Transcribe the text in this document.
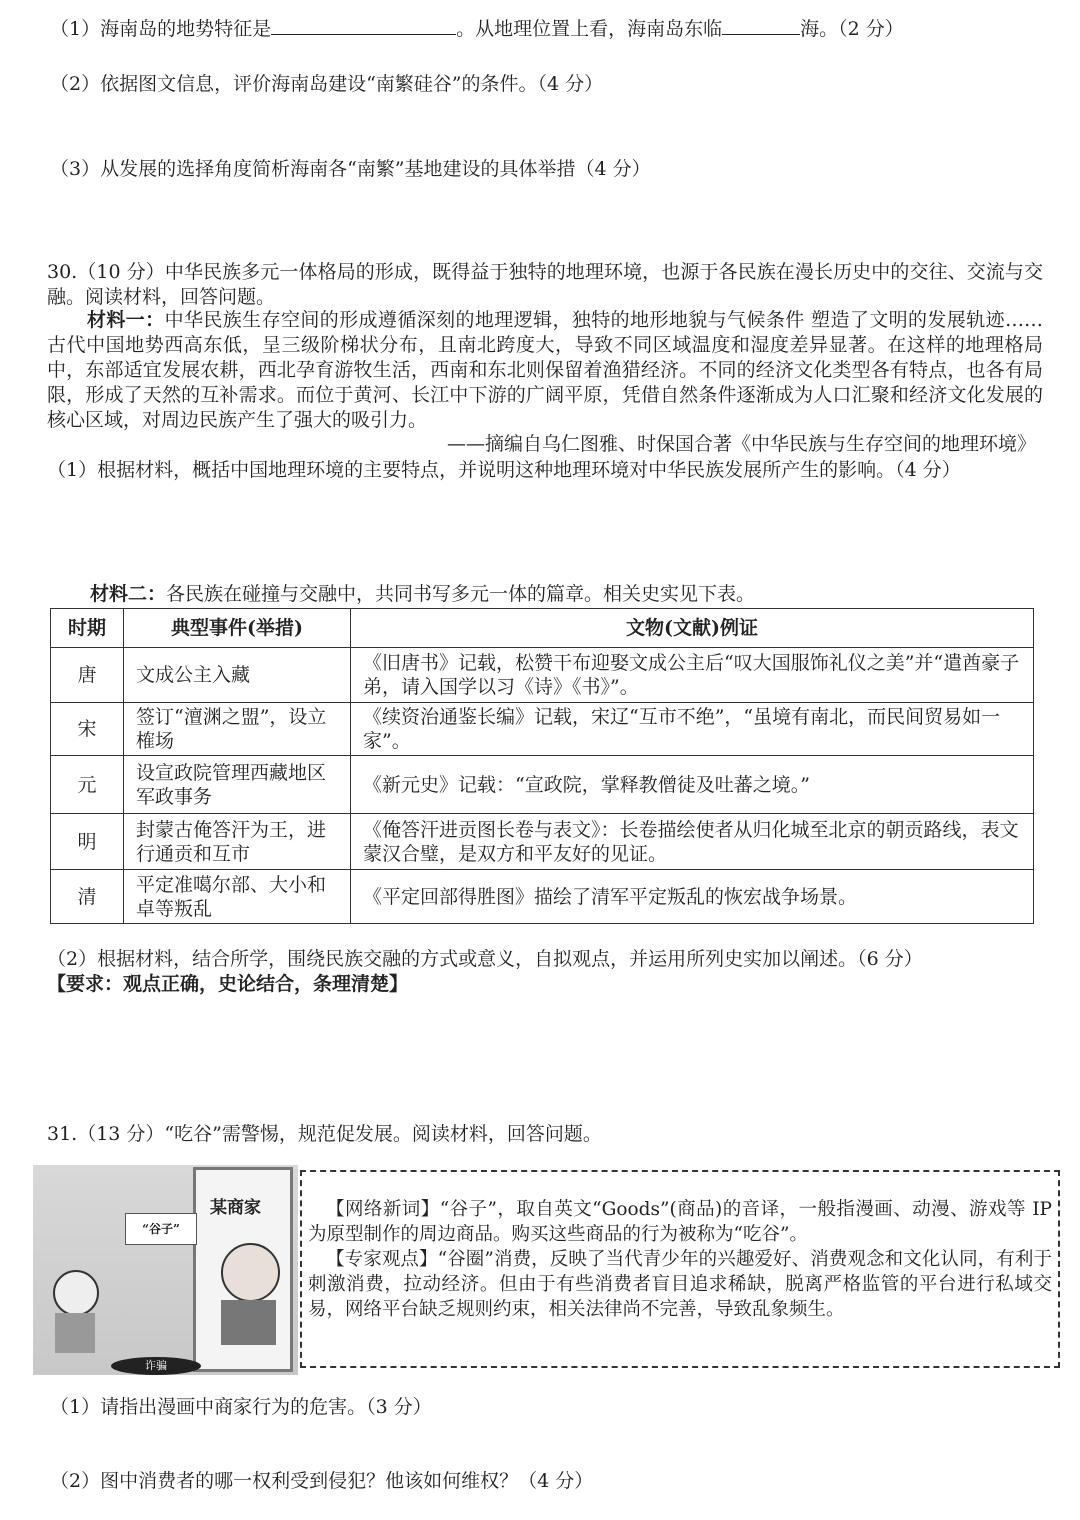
（1）海南岛的地势特征是	。从地理位置上看，海南岛东临	海。（2 分）
（2）依据图文信息，评价海南岛建设“南繁硅谷”的条件。（4 分）
（3）从发展的选择角度简析海南各“南繁”基地建设的具体举措（4 分）
30.（10 分）中华民族多元一体格局的形成，既得益于独特的地理环境，也源于各民族在漫长历史中的交往、交流与交融。阅读材料，回答问题。
材料一：中华民族生存空间的形成遵循深刻的地理逻辑，独特的地形地貌与气候条件 塑造了文明的发展轨迹……古代中国地势西高东低，呈三级阶梯状分布，且南北跨度大，导致不同区域温度和湿度差异显著。在这样的地理格局中，东部适宜发展农耕，西北孕育游牧生活，西南和东北则保留着渔猎经济。不同的经济文化类型各有特点，也各有局限，形成了天然的互补需求。而位于黄河、长江中下游的广阔平原，凭借自然条件逐渐成为人口汇聚和经济文化发展的核心区域，对周边民族产生了强大的吸引力。
——摘编自乌仁图雅、时保国合著《中华民族与生存空间的地理环境》
（1）根据材料，概括中国地理环境的主要特点，并说明这种地理环境对中华民族发展所产生的影响。（4 分）
材料二：各民族在碰撞与交融中，共同书写多元一体的篇章。相关史实见下表。
时期	典型事件(举措)	文物(文献)例证
唐	文成公主入藏	《旧唐书》记载，松赞干布迎娶文成公主后“叹大国服饰礼仪之美”并“遣酋豪子弟，请入国学以习《诗》《书》”。
宋	签订“澶渊之盟”，设立榷场	《续资治通鉴长编》记载，宋辽“互市不绝”，“虽境有南北，而民间贸易如一家”。
元	设宣政院管理西藏地区军政事务	《新元史》记载：“宣政院，掌释教僧徒及吐蕃之境。”
明	封蒙古俺答汗为王，进行通贡和互市	《俺答汗进贡图长卷与表文》：长卷描绘使者从归化城至北京的朝贡路线，表文蒙汉合璧，是双方和平友好的见证。
清	平定准噶尔部、大小和卓等叛乱	《平定回部得胜图》描绘了清军平定叛乱的恢宏战争场景。
（2）根据材料，结合所学，围绕民族交融的方式或意义，自拟观点，并运用所列史实加以阐述。（6 分）
【要求：观点正确，史论结合，条理清楚】
31.（13 分）“吃谷”需警惕，规范促发展。阅读材料，回答问题。
某商家
“谷子”
诈骗
【网络新词】“谷子”，取自英文“Goods”(商品)的音译，一般指漫画、动漫、游戏等 IP 为原型制作的周边商品。购买这些商品的行为被称为“吃谷”。
【专家观点】“谷圈”消费，反映了当代青少年的兴趣爱好、消费观念和文化认同，有利于刺激消费，拉动经济。但由于有些消费者盲目追求稀缺，脱离严格监管的平台进行私域交易，网络平台缺乏规则约束，相关法律尚不完善，导致乱象频生。
（1）请指出漫画中商家行为的危害。（3 分）
（2）图中消费者的哪一权利受到侵犯？他该如何维权？（4 分）
